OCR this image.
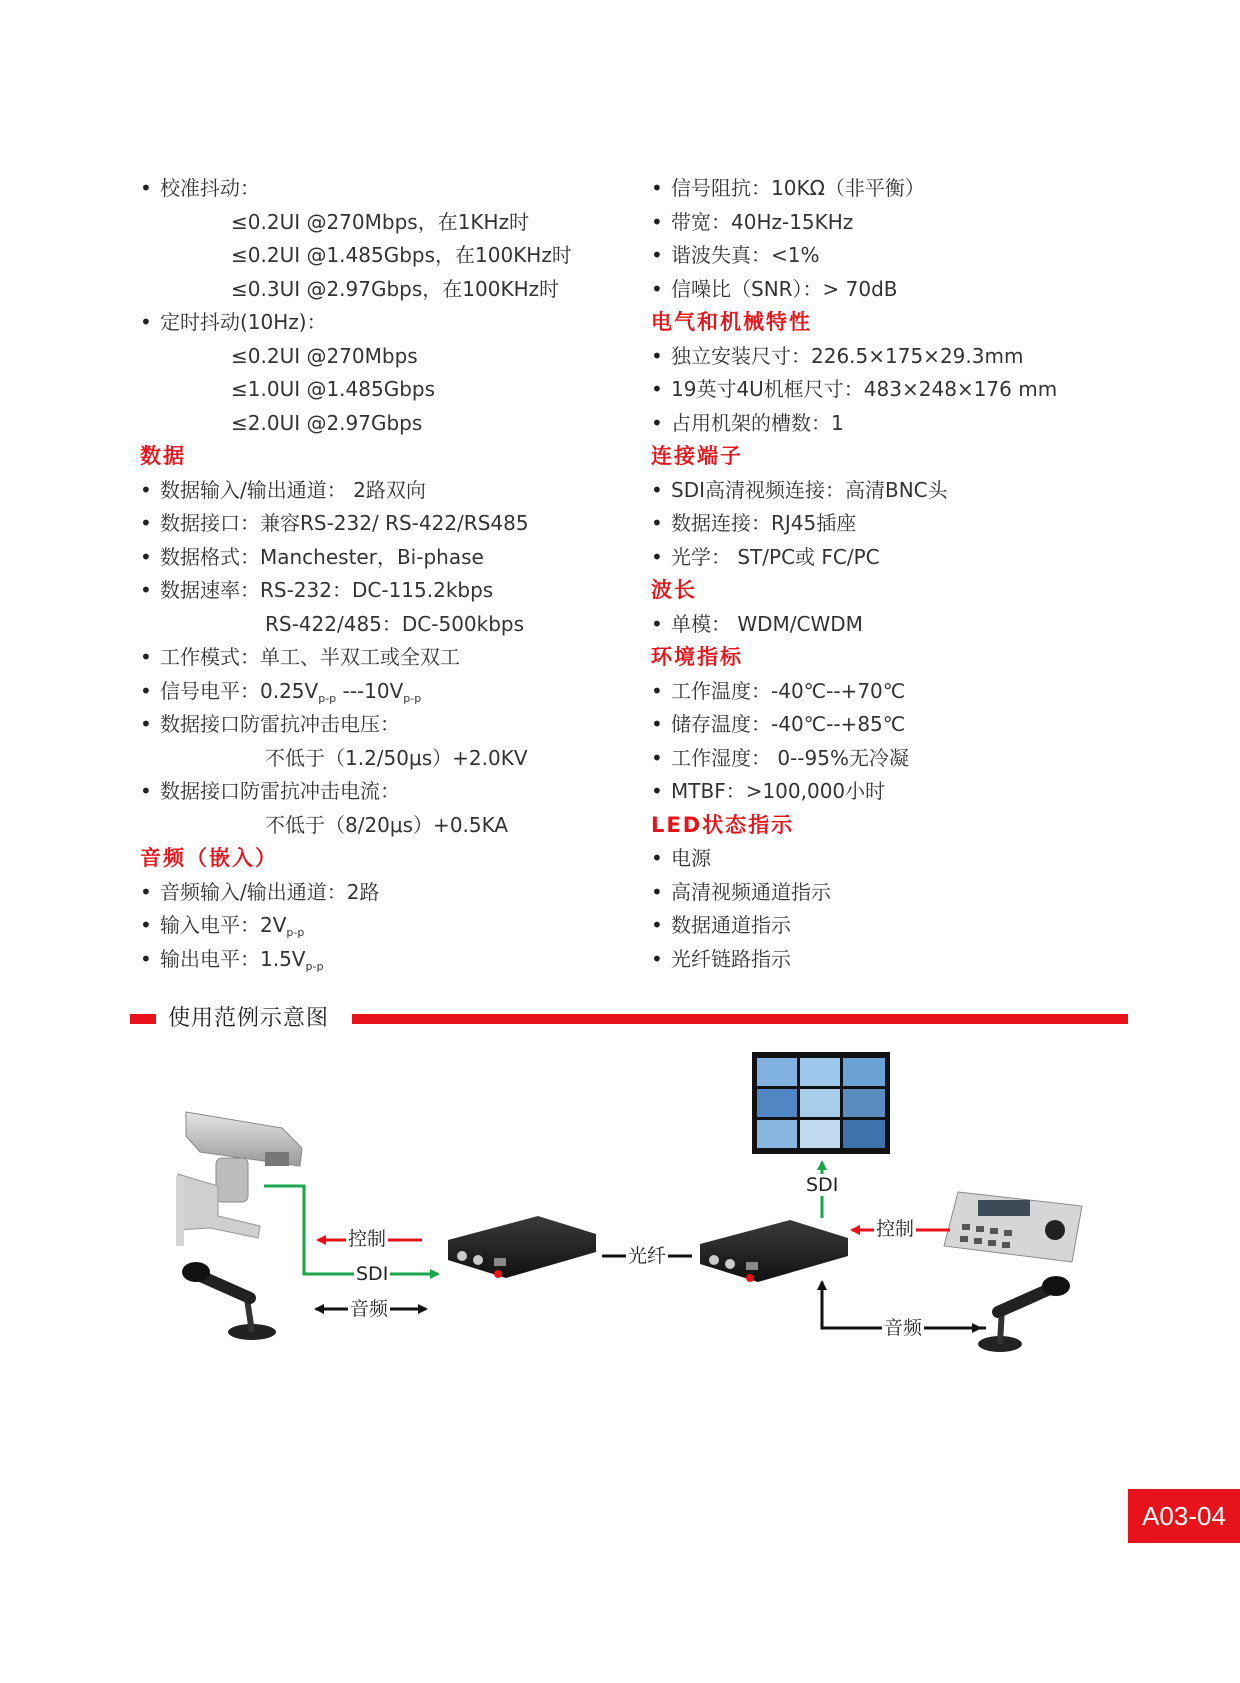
• 校准抖动：
≤0.2UI @270Mbps，在1KHz时
≤0.2UI @1.485Gbps，在100KHz时
≤0.3UI @2.97Gbps，在100KHz时
• 定时抖动(10Hz)：
≤0.2UI @270Mbps
≤1.0UI @1.485Gbps
≤2.0UI @2.97Gbps
数据
• 数据输入/输出通道： 2路双向
• 数据接口：兼容RS-232/ RS-422/RS485
• 数据格式：Manchester，Bi-phase
• 数据速率：RS-232：DC-115.2kbps
RS-422/485：DC-500kbps
• 工作模式：单工、半双工或全双工
• 信号电平：$0.25V_{p-p}$ $---10V_{p-p}$
• 数据接口防雷抗冲击电压：
不低于（1.2/50μs）+2.0KV
• 数据接口防雷抗冲击电流：
不低于（8/20μs）+0.5KA
音频（嵌入）
• 音频输入/输出通道：2路
• 输入电平：$2V_{p-p}$
• 输出电平：$1.5V_{p-p}$
• 信号阻抗：10KΩ（非平衡）
• 带宽：40Hz-15KHz
• 谐波失真：<1%
• 信噪比（SNR）：> 70dB
电气和机械特性
• 独立安装尺寸：226.5×175×29.3mm
• 19英寸4U机框尺寸：483×248×176 mm
• 占用机架的槽数：1
连接端子
• SDI高清视频连接：高清BNC头
• 数据连接：RJ45插座
• 光学： ST/PC或 FC/PC
波长
• 单模： WDM/CWDM
环境指标
• 工作温度：-40℃--+70℃
• 储存温度：-40℃--+85℃
• 工作湿度： 0--95%无冷凝
• MTBF：>100,000小时
LED状态指示
• 电源
• 高清视频通道指示
• 数据通道指示
• 光纤链路指示
使用范例示意图
控制
SDI
音频
光纤
SDI
控制
音频
A03-04
